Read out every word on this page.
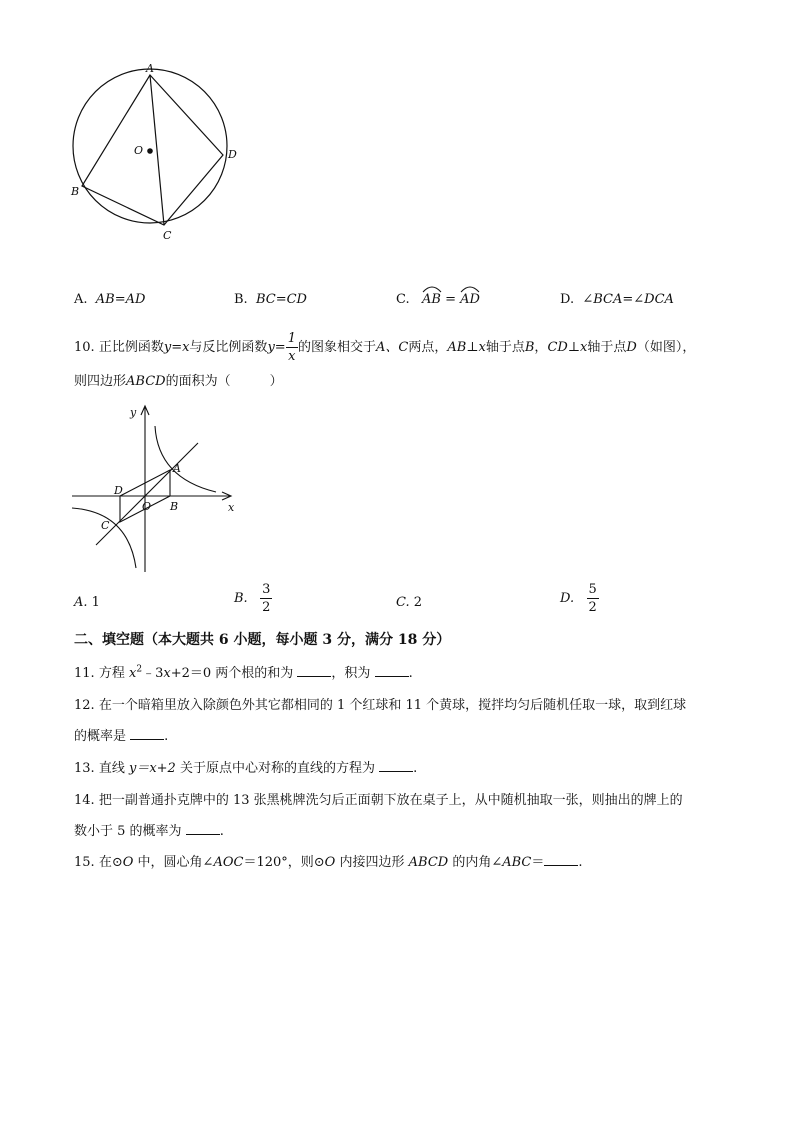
A
O	D
B
C
A. AB=AD	B. BC=CD	C. AB = AD	D. ∠BCA=∠DCA
10. 正比例函数y=x与反比例函数$y= \frac{1}{x}$ 的图象相交于A、C两点，AB⊥x轴于点B，CD⊥x轴于点D（如图），
则四边形ABCD的面积为（　　　）
y
A
D
O B	x
C
A. 1	B. $\frac{3}{2}$	C. 2	D. $\frac{5}{2}$
二、填空题（本大题共 6 小题，每小题 3 分，满分 18 分）
11. 方程 $x^2﹣3x+2=0$ 两个根的和为	，积为	.
12. 在一个暗箱里放入除颜色外其它都相同的 1 个红球和 11 个黄球，搅拌均匀后随机任取一球，取到红球
的概率是	.
13. 直线 y＝x+2 关于原点中心对称的直线的方程为	.
14. 把一副普通扑克牌中的 13 张黑桃牌洗匀后正面朝下放在桌子上，从中随机抽取一张，则抽出的牌上的
数小于 5 的概率为	.
15. 在⊙O 中，圆心角∠AOC＝120°，则⊙O 内接四边形 ABCD 的内角∠ABC＝	.
